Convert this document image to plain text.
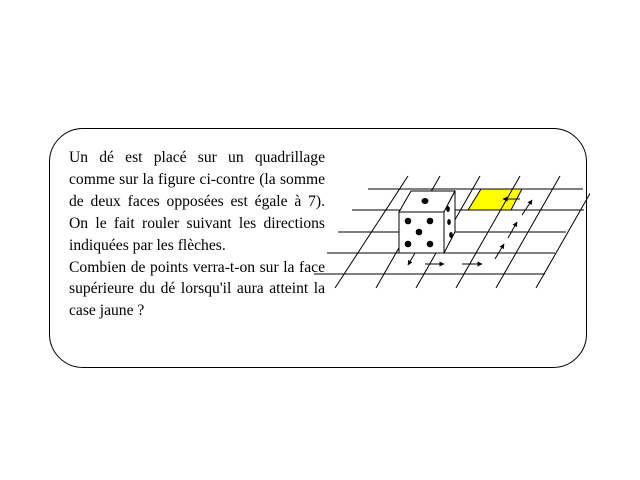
Un dé est placé sur un quadrillage comme sur la figure ci-contre (la somme de deux faces opposées est égale à 7). On le fait rouler suivant les directions indiquées par les flèches.

Combien de points verra-t-on sur la face supérieure du dé lorsqu'il aura atteint la case jaune ?
